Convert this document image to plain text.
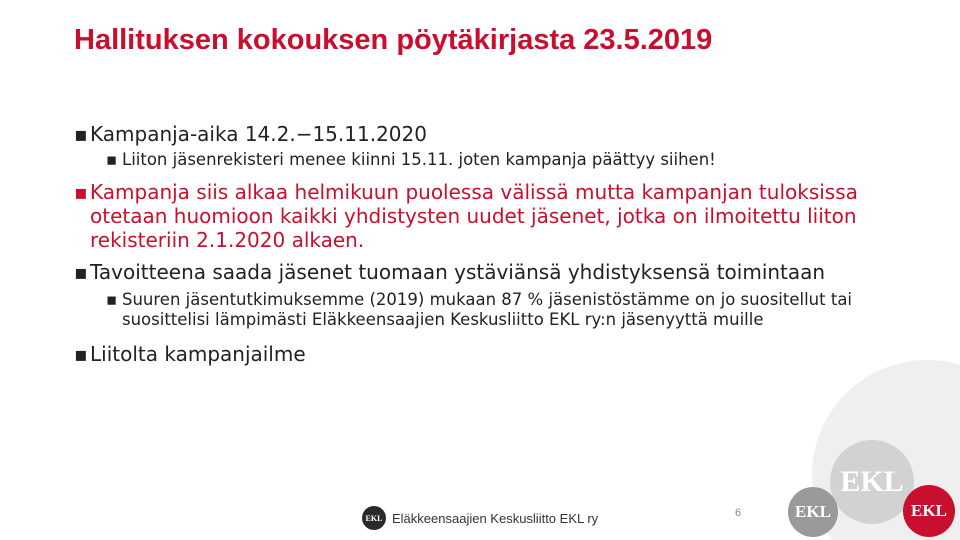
EKL
EKL	EKL
Hallituksen kokouksen pöytäkirjasta 23.5.2019
▪ Kampanja-aika 14.2.−15.11.2020
▪ Liiton jäsenrekisteri menee kiinni 15.11. joten kampanja päättyy siihen!
▪ Kampanja siis alkaa helmikuun puolessa välissä mutta kampanjan tuloksissa otetaan huomioon kaikki yhdistysten uudet jäsenet, jotka on ilmoitettu liiton rekisteriin 2.1.2020 alkaen.
▪ Tavoitteena saada jäsenet tuomaan ystäviänsä yhdistyksensä toimintaan
▪ Suuren jäsentutkimuksemme (2019) mukaan 87 % jäsenistöstämme on jo suositellut tai suosittelisi lämpimästi Eläkkeensaajien Keskusliitto EKL ry:n jäsenyyttä muille
▪ Liitolta kampanjailme
EKL Eläkkeensaajien Keskusliitto EKL ry	6
